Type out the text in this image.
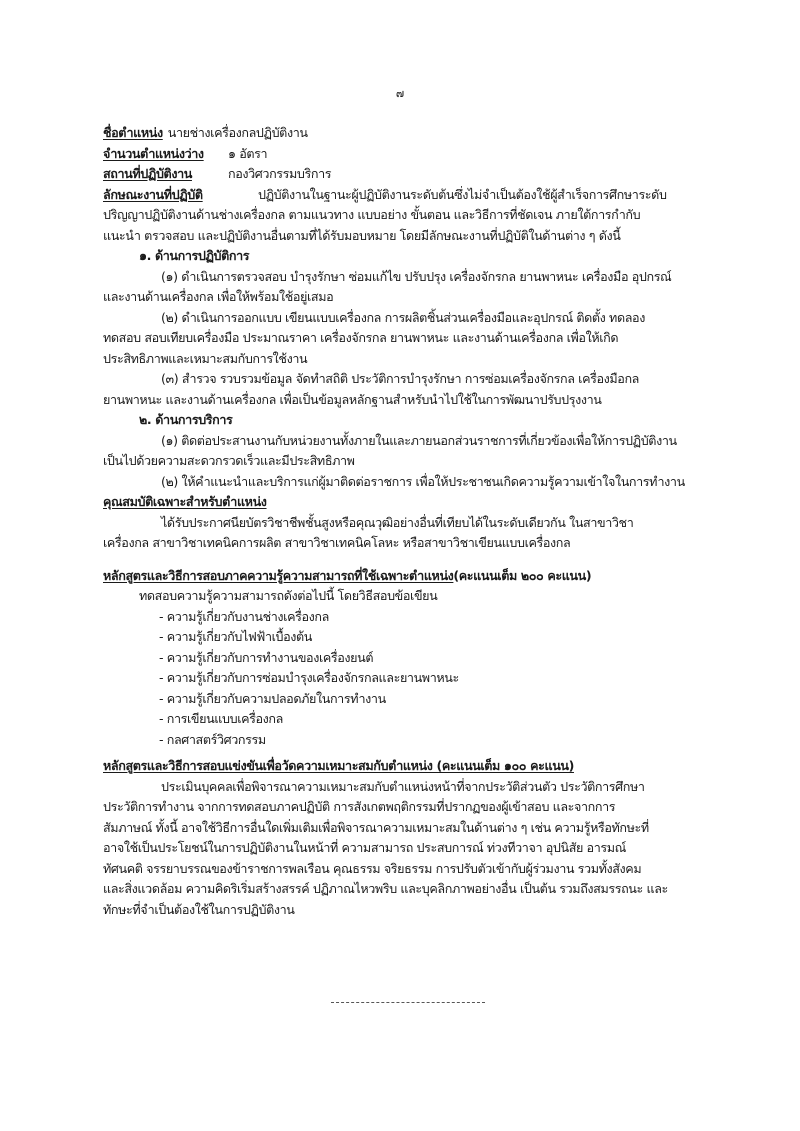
๗
ชื่อตำแหน่ง นายช่างเครื่องกลปฏิบัติงาน
จำนวนตำแหน่งว่าง ๑ อัตรา
สถานที่ปฏิบัติงาน	กองวิศวกรรมบริการ
ลักษณะงานที่ปฏิบัติ	ปฏิบัติงานในฐานะผู้ปฏิบัติงานระดับต้นซึ่งไม่จำเป็นต้องใช้ผู้สำเร็จการศึกษาระดับ
ปริญญาปฏิบัติงานด้านช่างเครื่องกล ตามแนวทาง แบบอย่าง ขั้นตอน และวิธีการที่ชัดเจน ภายใต้การกำกับ
แนะนำ ตรวจสอบ และปฏิบัติงานอื่นตามที่ได้รับมอบหมาย โดยมีลักษณะงานที่ปฏิบัติในด้านต่าง ๆ ดังนี้
๑. ด้านการปฏิบัติการ
(๑) ดำเนินการตรวจสอบ บำรุงรักษา ซ่อมแก้ไข ปรับปรุง เครื่องจักรกล ยานพาหนะ เครื่องมือ อุปกรณ์
และงานด้านเครื่องกล เพื่อให้พร้อมใช้อยู่เสมอ
(๒) ดำเนินการออกแบบ เขียนแบบเครื่องกล การผลิตชิ้นส่วนเครื่องมือและอุปกรณ์ ติดตั้ง ทดลอง
ทดสอบ สอบเทียบเครื่องมือ ประมาณราคา เครื่องจักรกล ยานพาหนะ และงานด้านเครื่องกล เพื่อให้เกิด
ประสิทธิภาพและเหมาะสมกับการใช้งาน
(๓) สำรวจ รวบรวมข้อมูล จัดทำสถิติ ประวัติการบำรุงรักษา การซ่อมเครื่องจักรกล เครื่องมือกล
ยานพาหนะ และงานด้านเครื่องกล เพื่อเป็นข้อมูลหลักฐานสำหรับนำไปใช้ในการพัฒนาปรับปรุงงาน
๒. ด้านการบริการ
(๑) ติดต่อประสานงานกับหน่วยงานทั้งภายในและภายนอกส่วนราชการที่เกี่ยวข้องเพื่อให้การปฏิบัติงาน
เป็นไปด้วยความสะดวกรวดเร็วและมีประสิทธิภาพ
(๒) ให้คำแนะนำและบริการแก่ผู้มาติดต่อราชการ เพื่อให้ประชาชนเกิดความรู้ความเข้าใจในการทำงาน
คุณสมบัติเฉพาะสำหรับตำแหน่ง
ได้รับประกาศนียบัตรวิชาชีพชั้นสูงหรือคุณวุฒิอย่างอื่นที่เทียบได้ในระดับเดียวกัน ในสาขาวิชา
เครื่องกล สาขาวิชาเทคนิคการผลิต สาขาวิชาเทคนิคโลหะ หรือสาขาวิชาเขียนแบบเครื่องกล
หลักสูตรและวิธีการสอบภาคความรู้ความสามารถที่ใช้เฉพาะตำแหน่ง(คะแนนเต็ม ๒๐๐ คะแนน)
ทดสอบความรู้ความสามารถดังต่อไปนี้ โดยวิธีสอบข้อเขียน
- ความรู้เกี่ยวกับงานช่างเครื่องกล
- ความรู้เกี่ยวกับไฟฟ้าเบื้องต้น
- ความรู้เกี่ยวกับการทำงานของเครื่องยนต์
- ความรู้เกี่ยวกับการซ่อมบำรุงเครื่องจักรกลและยานพาหนะ
- ความรู้เกี่ยวกับความปลอดภัยในการทำงาน
- การเขียนแบบเครื่องกล
- กลศาสตร์วิศวกรรม
หลักสูตรและวิธีการสอบแข่งขันเพื่อวัดความเหมาะสมกับตำแหน่ง (คะแนนเต็ม ๑๐๐ คะแนน)
ประเมินบุคคลเพื่อพิจารณาความเหมาะสมกับตำแหน่งหน้าที่จากประวัติส่วนตัว ประวัติการศึกษา
ประวัติการทำงาน จากการทดสอบภาคปฏิบัติ การสังเกตพฤติกรรมที่ปรากฏของผู้เข้าสอบ และจากการ
สัมภาษณ์ ทั้งนี้ อาจใช้วิธีการอื่นใดเพิ่มเติมเพื่อพิจารณาความเหมาะสมในด้านต่าง ๆ เช่น ความรู้หรือทักษะที่
อาจใช้เป็นประโยชน์ในการปฏิบัติงานในหน้าที่ ความสามารถ ประสบการณ์ ท่วงทีวาจา อุปนิสัย อารมณ์
ทัศนคติ จรรยาบรรณของข้าราชการพลเรือน คุณธรรม จริยธรรม การปรับตัวเข้ากับผู้ร่วมงาน รวมทั้งสังคม
และสิ่งแวดล้อม ความคิดริเริ่มสร้างสรรค์ ปฏิภาณไหวพริบ และบุคลิกภาพอย่างอื่น เป็นต้น รวมถึงสมรรถนะ และ
ทักษะที่จำเป็นต้องใช้ในการปฏิบัติงาน
